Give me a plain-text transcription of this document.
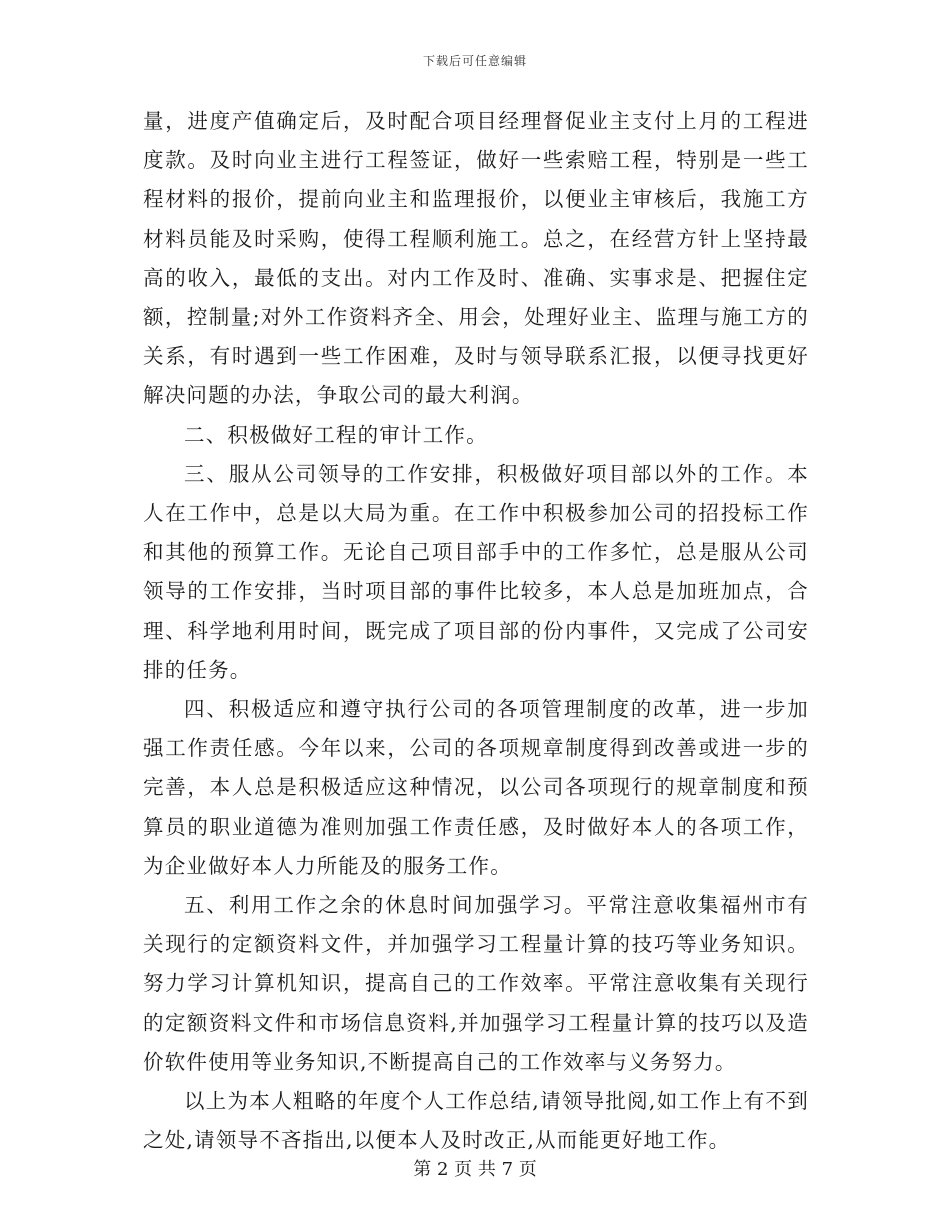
下载后可任意编辑

量，进度产值确定后，及时配合项目经理督促业主支付上月的工程进度款。及时向业主进行工程签证，做好一些索赔工程，特别是一些工程材料的报价，提前向业主和监理报价，以便业主审核后，我施工方材料员能及时采购，使得工程顺利施工。总之，在经营方针上坚持最高的收入，最低的支出。对内工作及时、准确、实事求是、把握住定额，控制量;对外工作资料齐全、用会，处理好业主、监理与施工方的关系，有时遇到一些工作困难，及时与领导联系汇报，以便寻找更好解决问题的办法，争取公司的最大利润。

二、积极做好工程的审计工作。

三、服从公司领导的工作安排，积极做好项目部以外的工作。本人在工作中，总是以大局为重。在工作中积极参加公司的招投标工作和其他的预算工作。无论自己项目部手中的工作多忙，总是服从公司领导的工作安排，当时项目部的事件比较多，本人总是加班加点，合理、科学地利用时间，既完成了项目部的份内事件，又完成了公司安排的任务。

四、积极适应和遵守执行公司的各项管理制度的改革，进一步加强工作责任感。今年以来，公司的各项规章制度得到改善或进一步的完善，本人总是积极适应这种情况，以公司各项现行的规章制度和预算员的职业道德为准则加强工作责任感，及时做好本人的各项工作，为企业做好本人力所能及的服务工作。

五、利用工作之余的休息时间加强学习。平常注意收集福州市有关现行的定额资料文件，并加强学习工程量计算的技巧等业务知识。努力学习计算机知识，提高自己的工作效率。平常注意收集有关现行的定额资料文件和市场信息资料,并加强学习工程量计算的技巧以及造价软件使用等业务知识,不断提高自己的工作效率与义务努力。

以上为本人粗略的年度个人工作总结,请领导批阅,如工作上有不到之处,请领导不吝指出,以便本人及时改正,从而能更好地工作。

第 2 页 共 7 页
